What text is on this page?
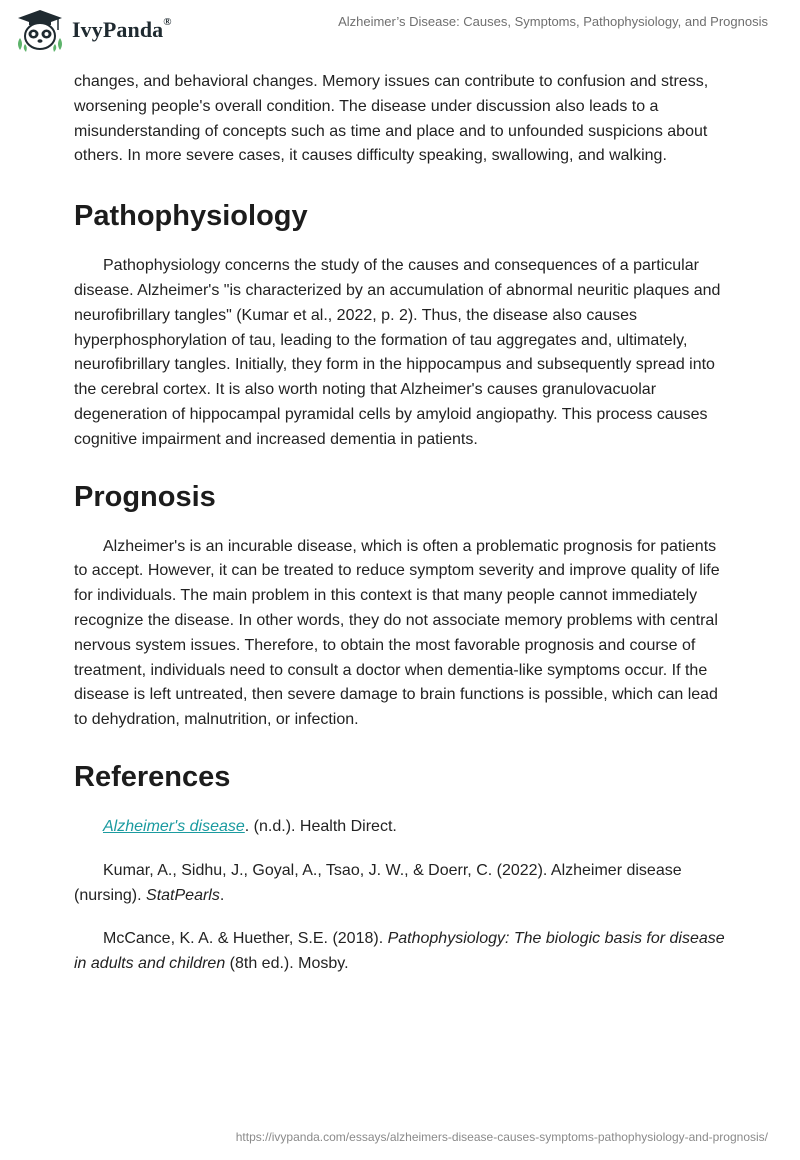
IvyPanda®	Alzheimer’s Disease: Causes, Symptoms, Pathophysiology, and Prognosis

changes, and behavioral changes. Memory issues can contribute to confusion and stress, worsening people's overall condition. The disease under discussion also leads to a misunderstanding of concepts such as time and place and to unfounded suspicions about others. In more severe cases, it causes difficulty speaking, swallowing, and walking.

Pathophysiology

Pathophysiology concerns the study of the causes and consequences of a particular disease. Alzheimer's "is characterized by an accumulation of abnormal neuritic plaques and neurofibrillary tangles" (Kumar et al., 2022, p. 2). Thus, the disease also causes hyperphosphorylation of tau, leading to the formation of tau aggregates and, ultimately, neurofibrillary tangles. Initially, they form in the hippocampus and subsequently spread into the cerebral cortex. It is also worth noting that Alzheimer's causes granulovacuolar degeneration of hippocampal pyramidal cells by amyloid angiopathy. This process causes cognitive impairment and increased dementia in patients.

Prognosis

Alzheimer's is an incurable disease, which is often a problematic prognosis for patients to accept. However, it can be treated to reduce symptom severity and improve quality of life for individuals. The main problem in this context is that many people cannot immediately recognize the disease. In other words, they do not associate memory problems with central nervous system issues. Therefore, to obtain the most favorable prognosis and course of treatment, individuals need to consult a doctor when dementia-like symptoms occur. If the disease is left untreated, then severe damage to brain functions is possible, which can lead to dehydration, malnutrition, or infection.

References

Alzheimer's disease. (n.d.). Health Direct.

Kumar, A., Sidhu, J., Goyal, A., Tsao, J. W., & Doerr, C. (2022). Alzheimer disease (nursing). StatPearls.

McCance, K. A. & Huether, S.E. (2018). Pathophysiology: The biologic basis for disease in adults and children (8th ed.). Mosby.

https://ivypanda.com/essays/alzheimers-disease-causes-symptoms-pathophysiology-and-prognosis/
